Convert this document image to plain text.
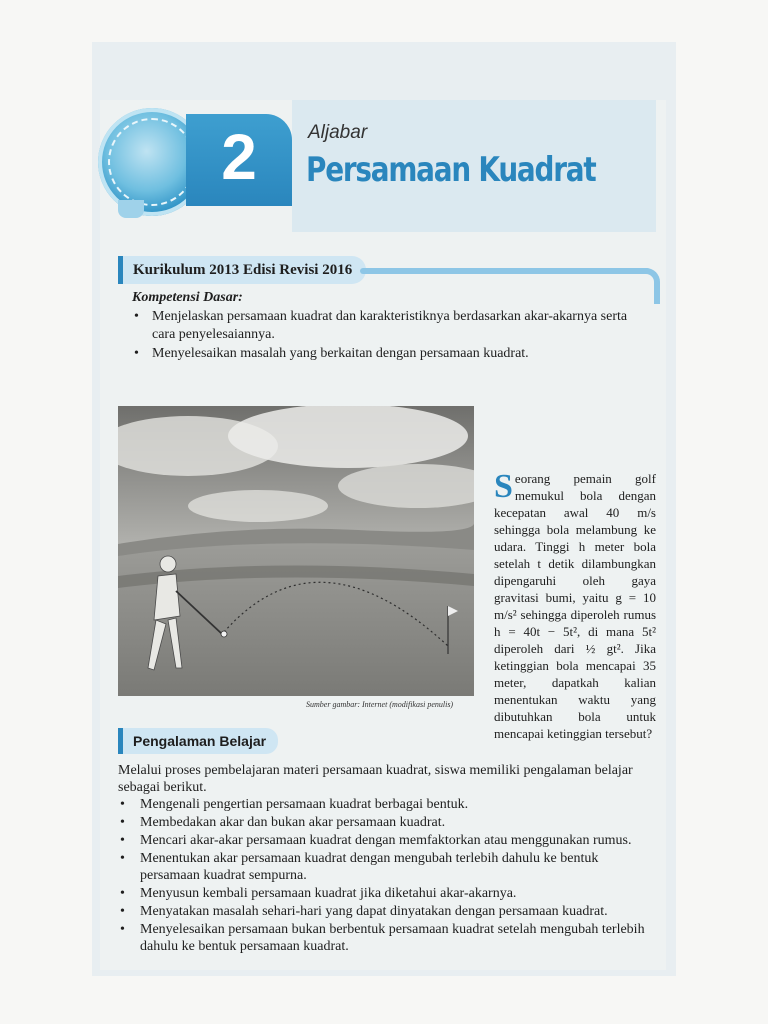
2	Aljabar
Persamaan Kuadrat
Kurikulum 2013 Edisi Revisi 2016
Kompetensi Dasar:
• Menjelaskan persamaan kuadrat dan karakteristiknya berdasarkan akar-akarnya serta cara penyelesaiannya.
• Menyelesaikan masalah yang berkaitan dengan persamaan kuadrat.
Sumber gambar: Internet (modifikasi penulis)
Seorang pemain golf memukul bola dengan kecepatan awal 40 m/s sehingga bola melambung ke udara. Tinggi h meter bola setelah t detik dilambungkan dipengaruhi oleh gaya gravitasi bumi, yaitu g = 10 m/s² sehingga diperoleh rumus h = 40t − 5t², di mana 5t² diperoleh dari ½ gt². Jika ketinggian bola mencapai 35 meter, dapatkah kalian menentukan waktu yang dibutuhkan bola untuk mencapai ketinggian tersebut?
Pengalaman Belajar
Melalui proses pembelajaran materi persamaan kuadrat, siswa memiliki pengalaman belajar sebagai berikut.
• Mengenali pengertian persamaan kuadrat berbagai bentuk.
• Membedakan akar dan bukan akar persamaan kuadrat.
• Mencari akar-akar persamaan kuadrat dengan memfaktorkan atau menggunakan rumus.
• Menentukan akar persamaan kuadrat dengan mengubah terlebih dahulu ke bentuk persamaan kuadrat sempurna.
• Menyusun kembali persamaan kuadrat jika diketahui akar-akarnya.
• Menyatakan masalah sehari-hari yang dapat dinyatakan dengan persamaan kuadrat.
• Menyelesaikan persamaan bukan berbentuk persamaan kuadrat setelah mengubah terlebih dahulu ke bentuk persamaan kuadrat.
